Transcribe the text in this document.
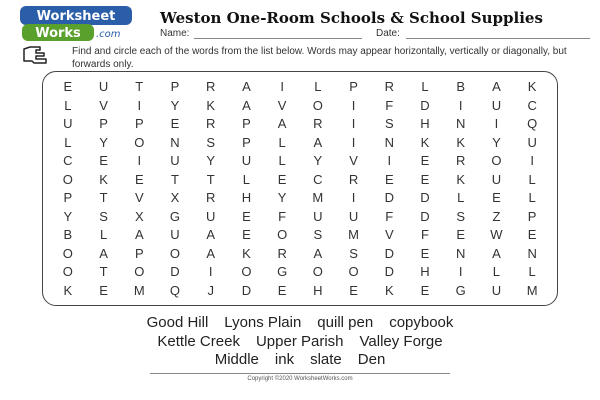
Worksheet
Works .com
Weston One-Room Schools & School Supplies
Name:	Date:
Find and circle each of the words from the list below. Words may appear horizontally, vertically or diagonally, but forwards only.
E	U	T	P	R	A	I	L	P	R	L	B	A	K
L	V	I	Y	K	A	V	O	I	F	D	I	U	C
U	P	P	E	R	P	A	R	I	S	H	N	I	Q
L	Y	O	N	S	P	L	A	I	N	K	K	Y	U
C	E	I	U	Y	U	L	Y	V	I	E	R	O	I
O	K	E	T	T	L	E	C	R	E	E	K	U	L
P	T	V	X	R	H	Y	M	I	D	D	L	E	L
Y	S	X	G	U	E	F	U	U	F	D	S	Z	P
B	L	A	U	A	E	O	S	M	V	F	E	W	E
O	A	P	O	A	K	R	A	S	D	E	N	A	N
O	T	O	D	I	O	G	O	O	D	H	I	L	L
K	E	M	Q	J	D	E	H	E	K	E	G	U	M
Good Hill Lyons Plain quill pen copybook
Kettle Creek Upper Parish Valley Forge
Middle ink slate Den
Copyright ©2020 WorksheetWorks.com
